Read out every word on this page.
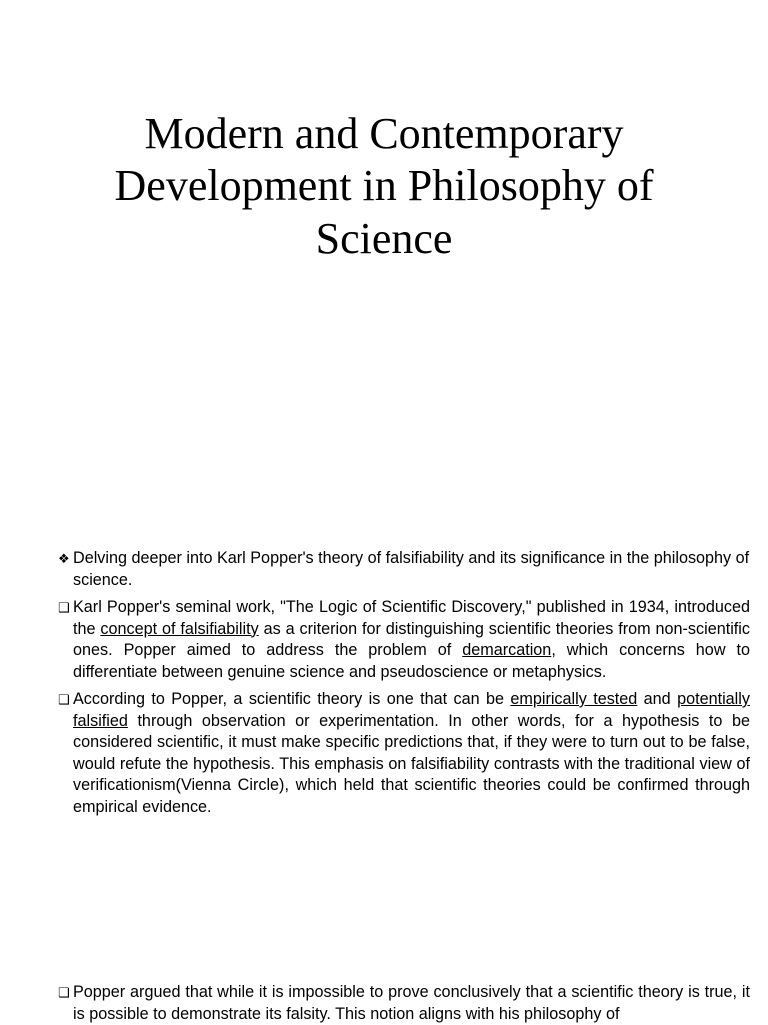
Modern and Contemporary
Development in Philosophy of
Science

❖ Delving deeper into Karl Popper's theory of falsifiability and its significance in the philosophy of science.

❑ Karl Popper's seminal work, "The Logic of Scientific Discovery," published in 1934, introduced the concept of falsifiability as a criterion for distinguishing scientific theories from non-scientific ones. Popper aimed to address the problem of demarcation, which concerns how to differentiate between genuine science and pseudoscience or metaphysics.

❑ According to Popper, a scientific theory is one that can be empirically tested and potentially falsified through observation or experimentation. In other words, for a hypothesis to be considered scientific, it must make specific predictions that, if they were to turn out to be false, would refute the hypothesis. This emphasis on falsifiability contrasts with the traditional view of verificationism(Vienna Circle), which held that scientific theories could be confirmed through empirical evidence.

❑ Popper argued that while it is impossible to prove conclusively that a scientific theory is true, it is possible to demonstrate its falsity. This notion aligns with his philosophy of
